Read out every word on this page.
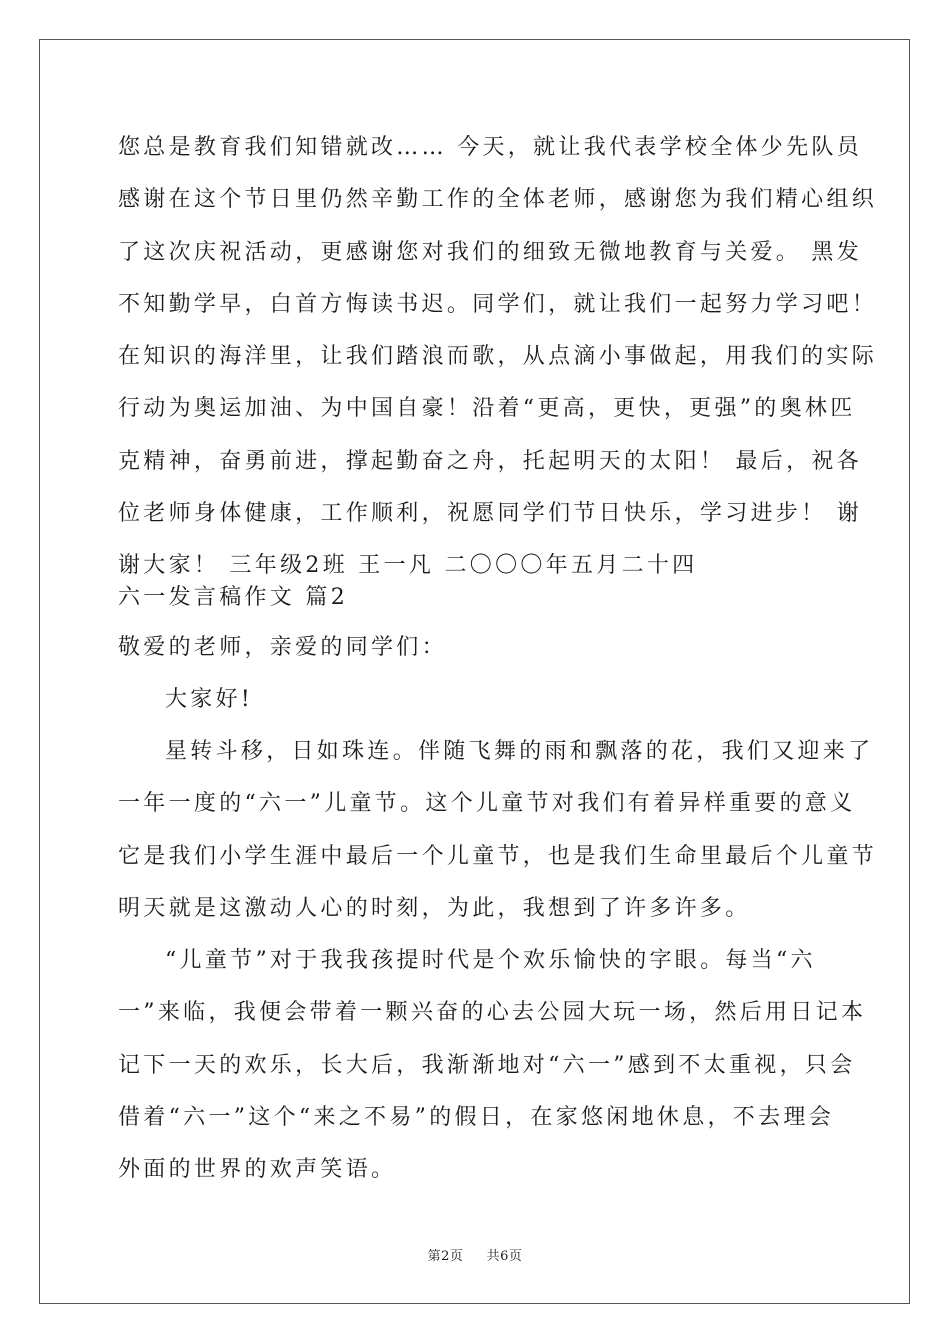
您总是教育我们知错就改…… 今天，就让我代表学校全体少先队员
感谢在这个节日里仍然辛勤工作的全体老师，感谢您为我们精心组织
了这次庆祝活动，更感谢您对我们的细致无微地教育与关爱。 黑发
不知勤学早，白首方悔读书迟。同学们，就让我们一起努力学习吧！
在知识的海洋里，让我们踏浪而歌，从点滴小事做起，用我们的实际
行动为奥运加油、为中国自豪！沿着“更高，更快，更强”的奥林匹
克精神，奋勇前进，撑起勤奋之舟，托起明天的太阳！ 最后，祝各
位老师身体健康，工作顺利，祝愿同学们节日快乐，学习进步！ 谢
谢大家！ 三年级2班 王一凡 二〇〇〇年五月二十四
六一发言稿作文 篇2
敬爱的老师，亲爱的同学们：
大家好!
星转斗移，日如珠连。伴随飞舞的雨和飘落的花，我们又迎来了
一年一度的“六一”儿童节。这个儿童节对我们有着异样重要的意义
它是我们小学生涯中最后一个儿童节，也是我们生命里最后个儿童节
明天就是这激动人心的时刻，为此，我想到了许多许多。
“儿童节”对于我我孩提时代是个欢乐愉快的字眼。每当“六
一”来临，我便会带着一颗兴奋的心去公园大玩一场，然后用日记本
记下一天的欢乐，长大后，我渐渐地对“六一”感到不太重视，只会
借着“六一”这个“来之不易”的假日，在家悠闲地休息，不去理会
外面的世界的欢声笑语。
第2页 共6页
